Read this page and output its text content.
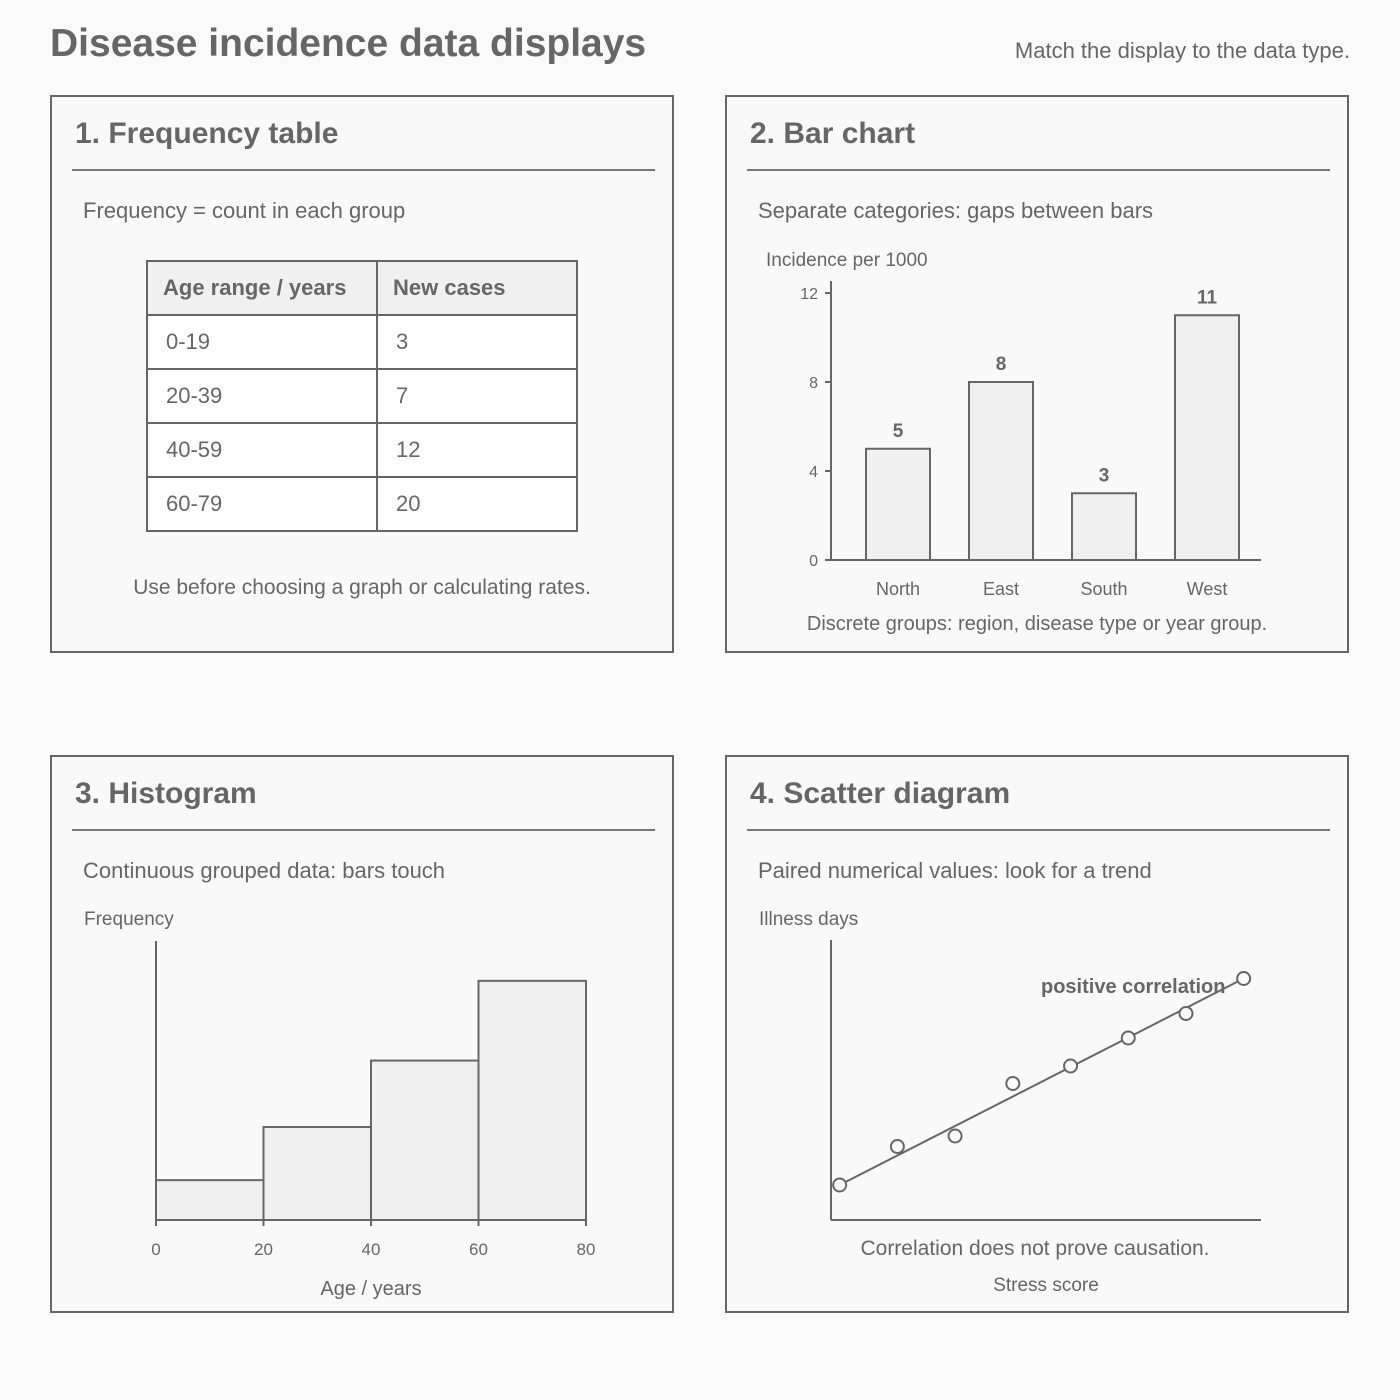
Disease incidence data displays	Match the display to the data type.
1. Frequency table
Frequency = count in each group
Age range / years	New cases
0-19	3
20-39	7
40-59	12
60-79	20
Use before choosing a graph or calculating rates.
2. Bar chart
Separate categories: gaps between bars
Incidence per 1000
0
4
8
12
5
North
8
East
3
South
11
West
Discrete groups: region, disease type or year group.
3. Histogram
Continuous grouped data: bars touch
Frequency
0	20	40	60	80
Age / years
4. Scatter diagram
Paired numerical values: look for a trend
Illness days
positive correlation
Stress score
Correlation does not prove causation.
